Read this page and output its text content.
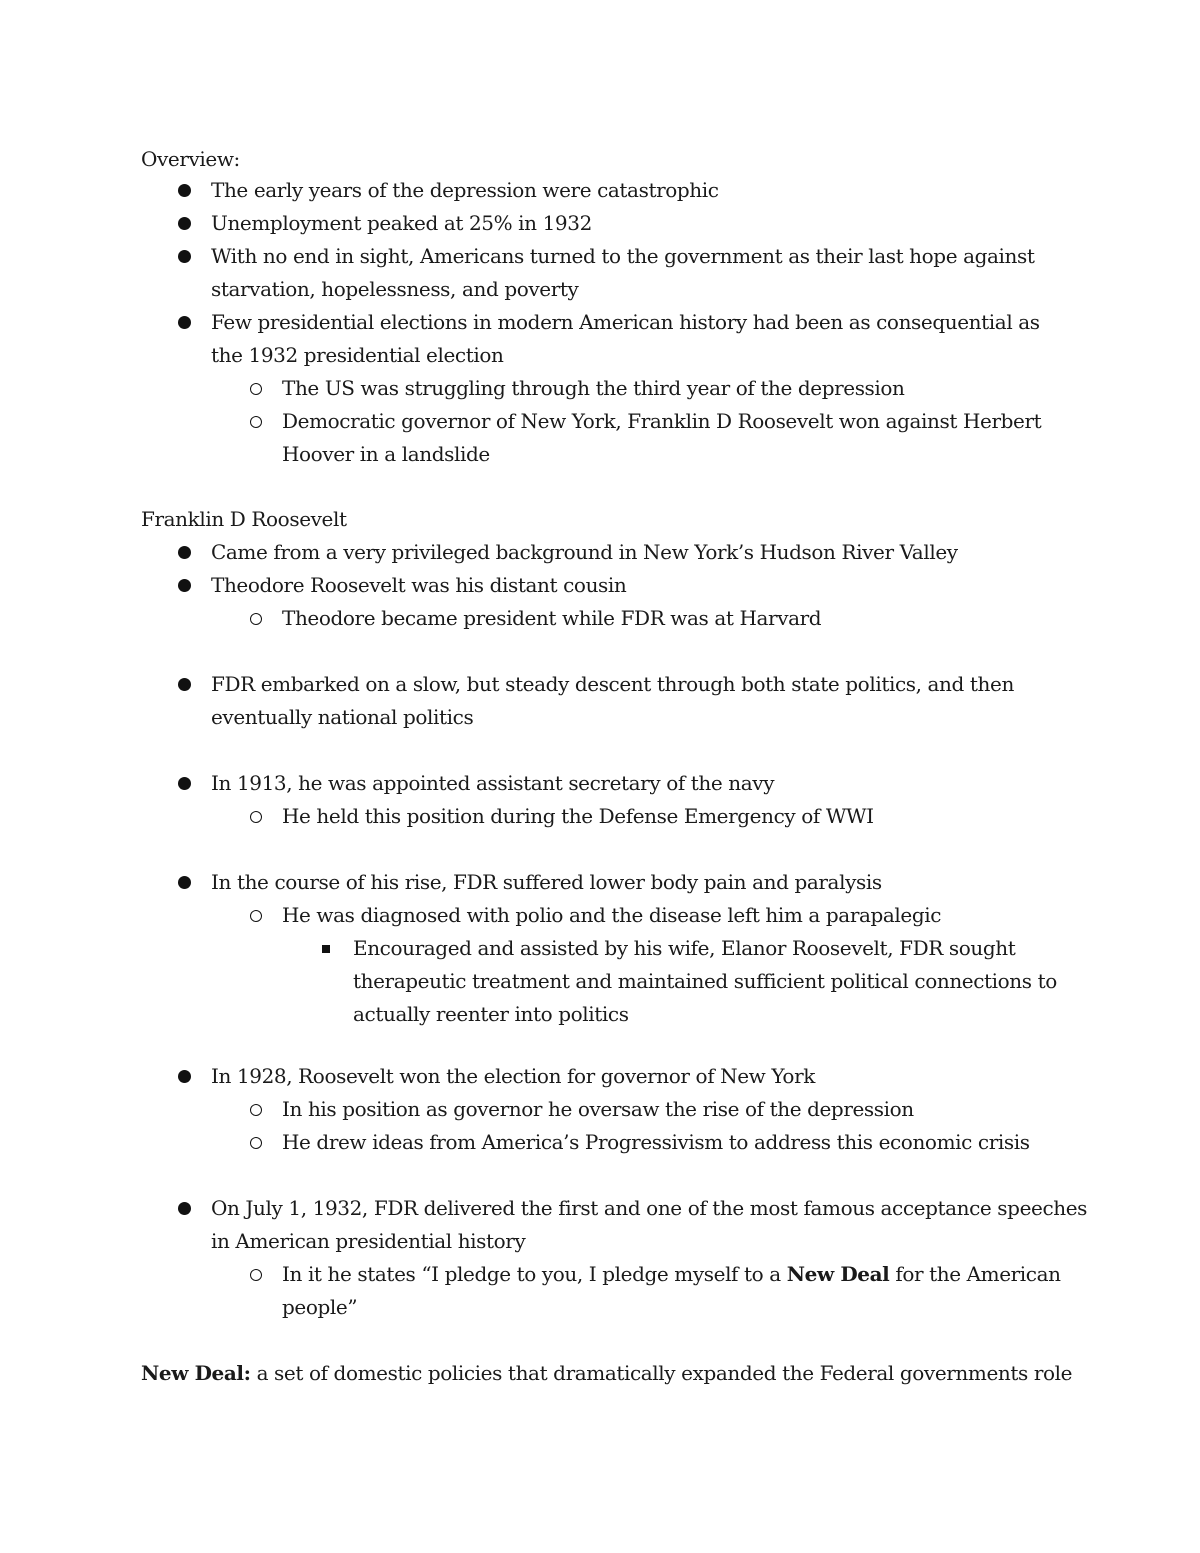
Overview:
The early years of the depression were catastrophic
Unemployment peaked at 25% in 1932
With no end in sight, Americans turned to the government as their last hope against
starvation, hopelessness, and poverty
Few presidential elections in modern American history had been as consequential as
the 1932 presidential election
The US was struggling through the third year of the depression
Democratic governor of New York, Franklin D Roosevelt won against Herbert
Hoover in a landslide
Franklin D Roosevelt
Came from a very privileged background in New York’s Hudson River Valley
Theodore Roosevelt was his distant cousin
Theodore became president while FDR was at Harvard
FDR embarked on a slow, but steady descent through both state politics, and then
eventually national politics
In 1913, he was appointed assistant secretary of the navy
He held this position during the Defense Emergency of WWI
In the course of his rise, FDR suffered lower body pain and paralysis
He was diagnosed with polio and the disease left him a parapalegic
Encouraged and assisted by his wife, Elanor Roosevelt, FDR sought
therapeutic treatment and maintained sufficient political connections to
actually reenter into politics
In 1928, Roosevelt won the election for governor of New York
In his position as governor he oversaw the rise of the depression
He drew ideas from America’s Progressivism to address this economic crisis
On July 1, 1932, FDR delivered the first and one of the most famous acceptance speeches
in American presidential history
In it he states “I pledge to you, I pledge myself to a New Deal for the American
people”
New Deal: a set of domestic policies that dramatically expanded the Federal governments role
